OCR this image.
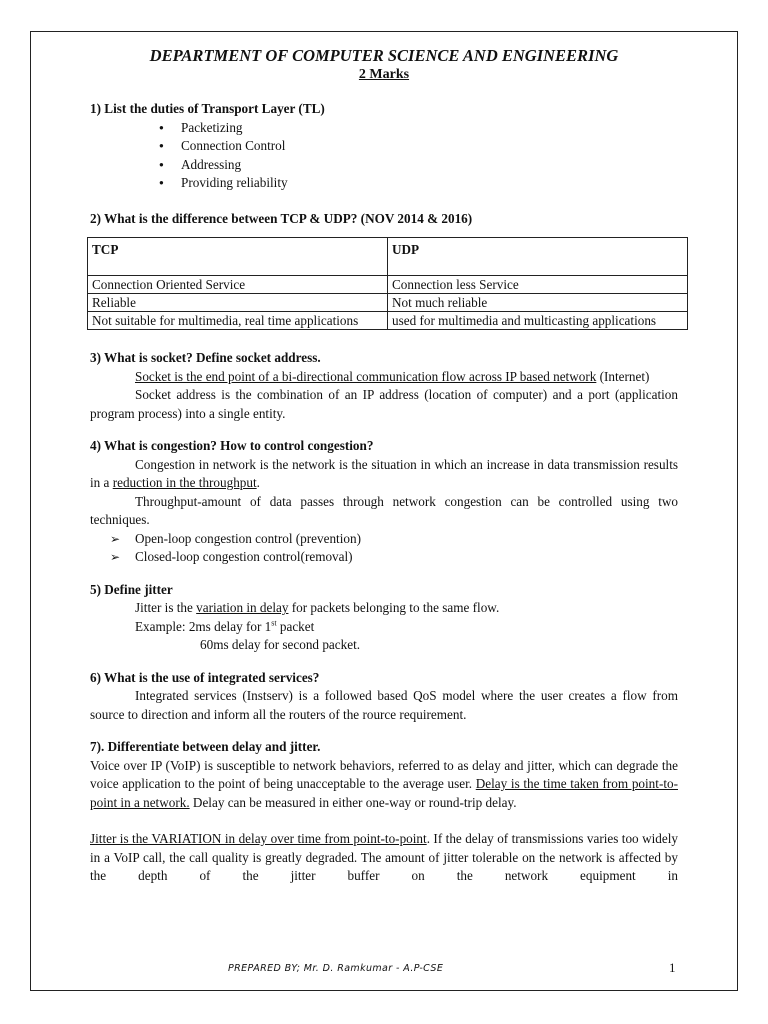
DEPARTMENT OF COMPUTER SCIENCE AND ENGINEERING
2 Marks
1) List the duties of Transport Layer (TL)
● Packetizing
● Connection Control
● Addressing
● Providing reliability
2) What is the difference between TCP & UDP? (NOV 2014 & 2016)
TCP	UDP
Connection Oriented Service	Connection less Service
Reliable	Not much reliable
Not suitable for multimedia, real time applications	used for multimedia and multicasting applications
3) What is socket? Define socket address.
Socket is the end point of a bi-directional communication flow across IP based network (Internet)
Socket address is the combination of an IP address (location of computer) and a port (application program process) into a single entity.
4) What is congestion? How to control congestion?
Congestion in network is the network is the situation in which an increase in data transmission results in a reduction in the throughput.
Throughput-amount of data passes through network congestion can be controlled using two techniques.
➢ Open-loop congestion control (prevention)
➢ Closed-loop congestion control(removal)
5) Define jitter
Jitter is the variation in delay for packets belonging to the same flow.
Example: 2ms delay for 1st packet
60ms delay for second packet.
6) What is the use of integrated services?
Integrated services (Instserv) is a followed based QoS model where the user creates a flow from source to direction and inform all the routers of the rource requirement.
7). Differentiate between delay and jitter.
Voice over IP (VoIP) is susceptible to network behaviors, referred to as delay and jitter, which can degrade the voice application to the point of being unacceptable to the average user. Delay is the time taken from point-to-point in a network. Delay can be measured in either one-way or round-trip delay.
Jitter is the VARIATION in delay over time from point-to-point. If the delay of transmissions varies too widely in a VoIP call, the call quality is greatly degraded. The amount of jitter tolerable on the network is affected by the depth of the jitter buffer on the network equipment in
PREPARED BY; Mr. D. Ramkumar - A.P-CSE	1
